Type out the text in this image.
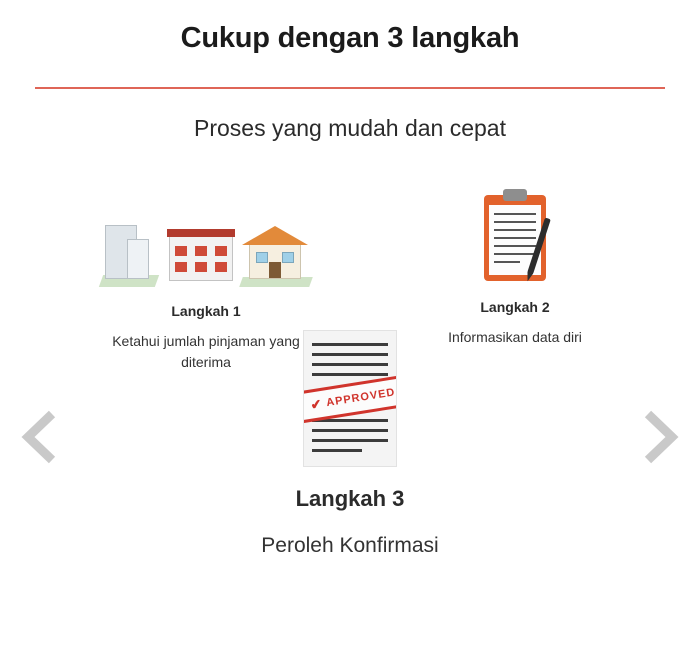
Cukup dengan 3 langkah
Proses yang mudah dan cepat
Langkah 1
Ketahui jumlah pinjaman yang diterima
Langkah 2
Informasikan data diri
✔ APPROVED
Langkah 3
Peroleh Konfirmasi
